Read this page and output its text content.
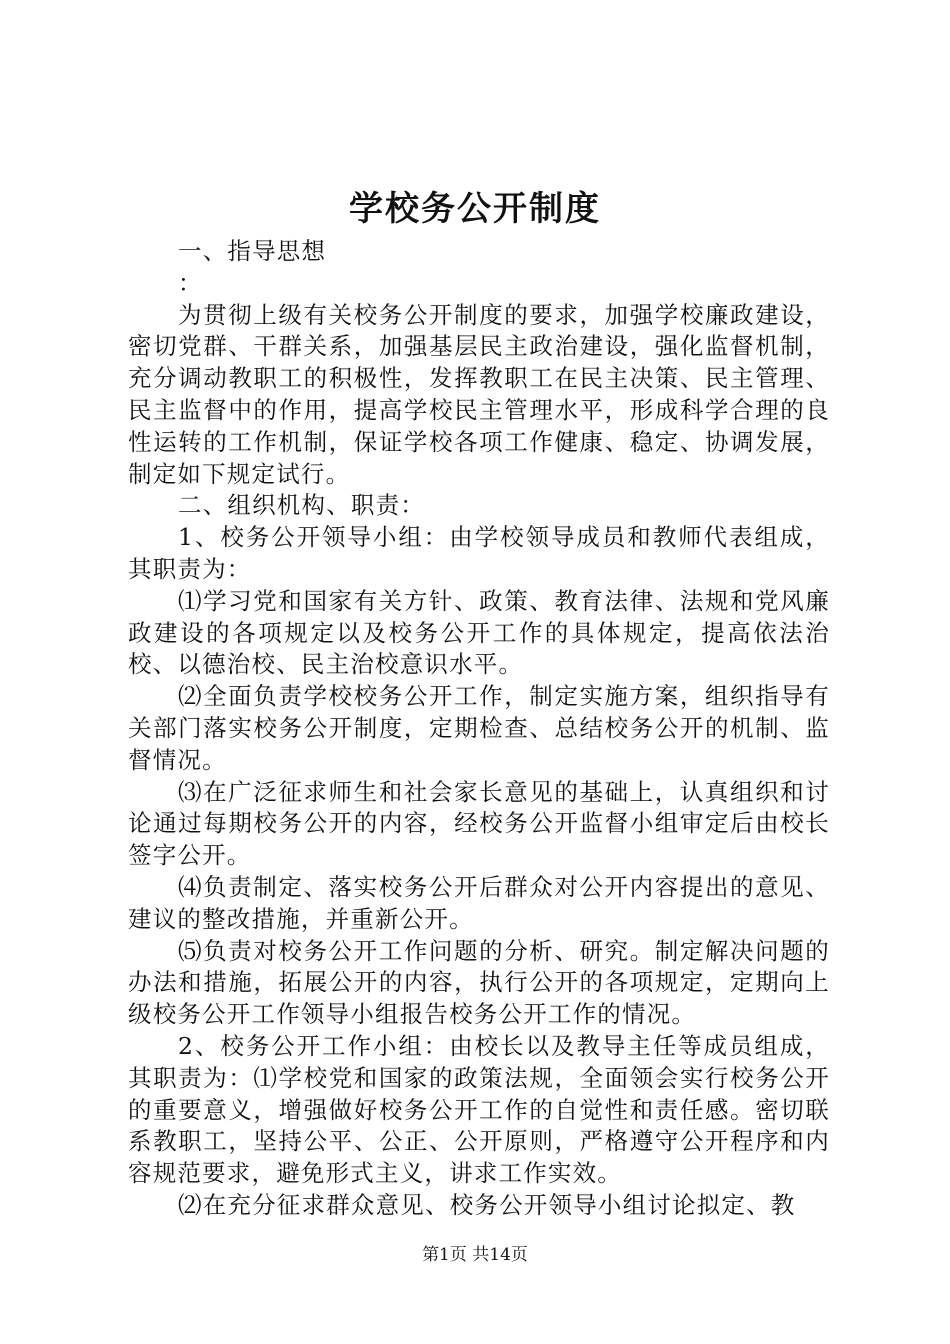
学校务公开制度

一、指导思想

：

为贯彻上级有关校务公开制度的要求，加强学校廉政建设，密切党群、干群关系，加强基层民主政治建设，强化监督机制，充分调动教职工的积极性，发挥教职工在民主决策、民主管理、民主监督中的作用，提高学校民主管理水平，形成科学合理的良性运转的工作机制，保证学校各项工作健康、稳定、协调发展，制定如下规定试行。

二、组织机构、职责：

1、校务公开领导小组：由学校领导成员和教师代表组成，其职责为：

⑴学习党和国家有关方针、政策、教育法律、法规和党风廉政建设的各项规定以及校务公开工作的具体规定，提高依法治校、以德治校、民主治校意识水平。

⑵全面负责学校校务公开工作，制定实施方案，组织指导有关部门落实校务公开制度，定期检查、总结校务公开的机制、监督情况。

⑶在广泛征求师生和社会家长意见的基础上，认真组织和讨论通过每期校务公开的内容，经校务公开监督小组审定后由校长签字公开。

⑷负责制定、落实校务公开后群众对公开内容提出的意见、建议的整改措施，并重新公开。

⑸负责对校务公开工作问题的分析、研究。制定解决问题的办法和措施，拓展公开的内容，执行公开的各项规定，定期向上级校务公开工作领导小组报告校务公开工作的情况。

2、校务公开工作小组：由校长以及教导主任等成员组成，其职责为：⑴学校党和国家的政策法规，全面领会实行校务公开的重要意义，增强做好校务公开工作的自觉性和责任感。密切联系教职工，坚持公平、公正、公开原则，严格遵守公开程序和内容规范要求，避免形式主义，讲求工作实效。

⑵在充分征求群众意见、校务公开领导小组讨论拟定、教

第1页 共14页
